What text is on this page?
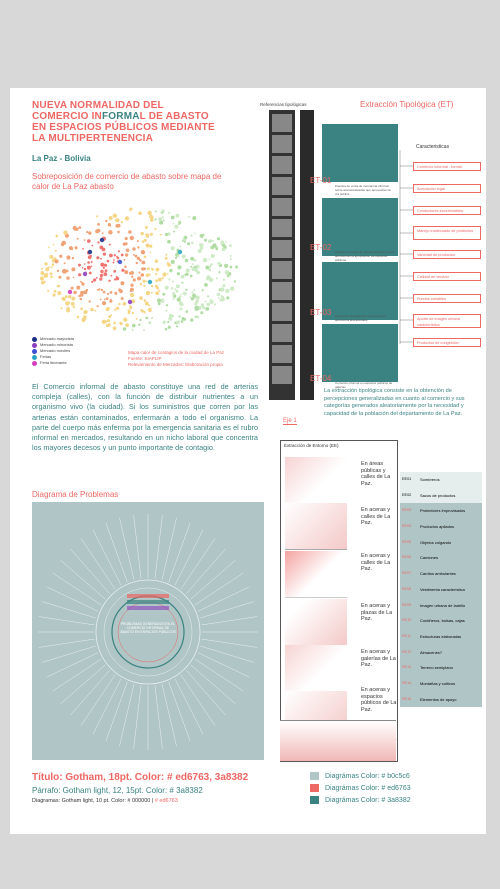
NUEVA NORMALIDAD DEL
COMERCIO INFORMAL DE ABASTO
EN ESPACIOS PÚBLICOS MEDIANTE
LA MULTIPERTENENCIA
La Paz - Bolivia
Sobreposición de comercio de abasto sobre mapa de calor de La Paz abasto
Mercado mayorista
Mercado minorista
Mercado móviles
Ferias
Feria itinerante
Mapa calor de contagios de la ciudad de La Paz
Fuente: SIAPLIP
Relevamiento de Mercados: Elaboración propia
El Comercio informal de abasto constituye una red de arterias compleja (calles), con la función de distribuir nutrientes a un organismo vivo (la ciudad). Si los suministros que corren por las arterias están contaminados, enfermarán a todo el organismo. La parte del cuerpo más enferma por la emergencia sanitaria es el rubro informal en mercados, resultando en un nicho laboral que concentra los mayores decesos y un punto importante de contagio.
Diagrama de Problemas
PROBLEMAS GENERADOS EN EL COMERCIO INFORMAL DE ABASTO EN ESPACIOS PÚBLICOS
Título: Gotham, 18pt. Color: # ed6763, 3a8382
Párrafo: Gotham light, 12, 15pt. Color: # 3a8382
Diagramas: Gotham light, 10 pt. Color: # 000000 | # ed6763
Diagrámas Color: # b0c5c6
Diagrámas Color: # ed6763
Diagrámas Color: # 3a8382
Referencias tipológicas	Extracción Tipológica (ET)
ET-01
Puestos de venta de mercancía informal sobre aceras/calzadas que aprovechan la vía pública
ET-02 Puestos de venta de mercancía informal que aprovechan la apropiación de espacios públicos
ET-03 Extracción tipológica de comercio que aprovecha aceras/calles
ET-04 Comercio informal en espacios públicos de galerías
Caracteristicas
Comercio informal - formal
Aceptación legal
Conductores incontrolables
Manejo inadecuado de productos
Variedad de productos
Calidad de servicio
Precios variables
Aporte de imagen urbana característica
Productos de congestión
La extracción tipológica consiste en la obtención de percepciones generalizadas en cuanto al comercio y sus categorías generados aleatoriamente por la necesidad y capacidad de la población del departamento de La Paz.
Eje 1
En áreas públicas y calles de La Paz.
En aceras y calles de La Paz.
En aceras y calles de La Paz.
En aceras y plazas de La Paz.
En aceras y galerías de La Paz.
En aceras y espacios públicos de La Paz.
Extracción de Entorno (EE)
EE01 Sombreros
EE02 Sacos de productos
EE03 Protectores improvisados
EE04 Productos apilados
EE05 Objetos colgando
EE06 Camiones
EE07 Carritos ambulantes
EE08 Vestimenta característica
EE09 Imagen urbana de ladrillo
EE10 Contiñeros, bolsas, cajas
EE11 Estructuras elaboradas
EE12 Almacenes?
EE13 Terreno semiplano
EE14 Montañas y cultivos
EE15 Elementos de apoyo
